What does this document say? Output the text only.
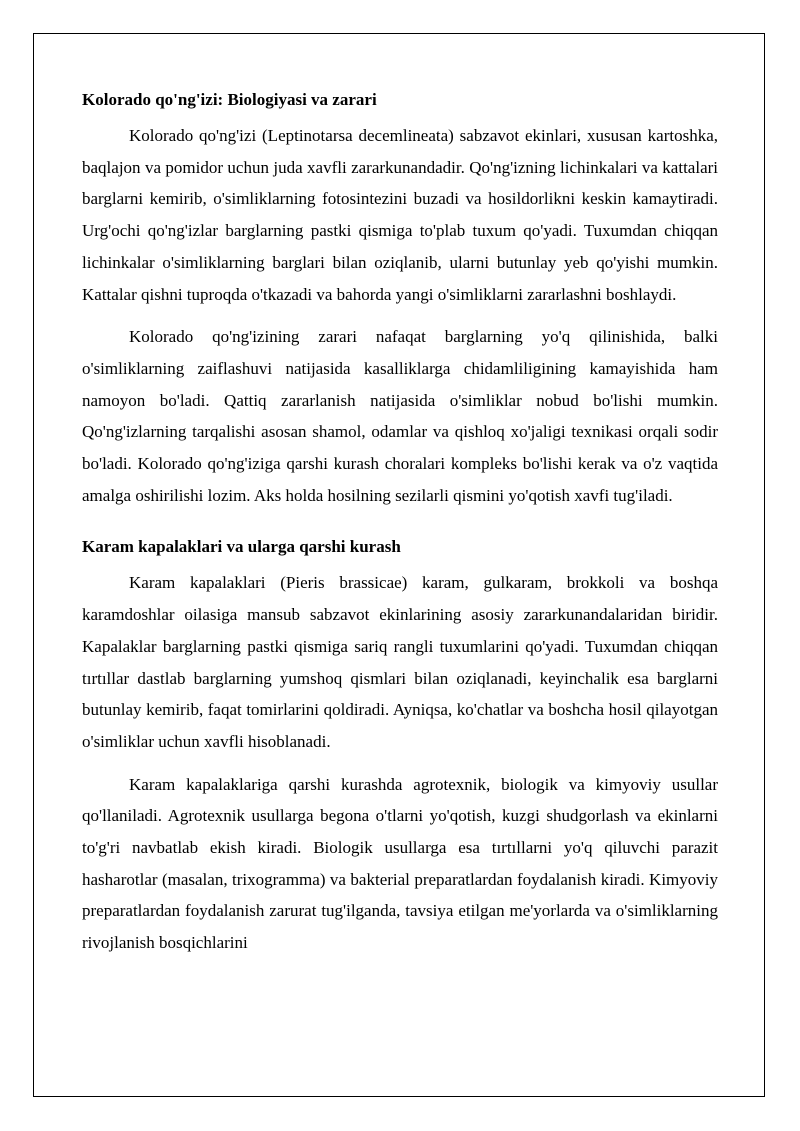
Kolorado qo'ng'izi: Biologiyasi va zarari

Kolorado qo'ng'izi (Leptinotarsa decemlineata) sabzavot ekinlari, xususan kartoshka, baqlajon va pomidor uchun juda xavfli zararkunandadir. Qo'ng'izning lichinkalari va kattalari barglarni kemirib, o'simliklarning fotosintezini buzadi va hosildorlikni keskin kamaytiradi. Urg'ochi qo'ng'izlar barglarning pastki qismiga to'plab tuxum qo'yadi. Tuxumdan chiqqan lichinkalar o'simliklarning barglari bilan oziqlanib, ularni butunlay yeb qo'yishi mumkin. Kattalar qishni tuproqda o'tkazadi va bahorda yangi o'simliklarni zararlashni boshlaydi.

Kolorado qo'ng'izining zarari nafaqat barglarning yo'q qilinishida, balki o'simliklarning zaiflashuvi natijasida kasalliklarga chidamliligining kamayishida ham namoyon bo'ladi. Qattiq zararlanish natijasida o'simliklar nobud bo'lishi mumkin. Qo'ng'izlarning tarqalishi asosan shamol, odamlar va qishloq xo'jaligi texnikasi orqali sodir bo'ladi. Kolorado qo'ng'iziga qarshi kurash choralari kompleks bo'lishi kerak va o'z vaqtida amalga oshirilishi lozim. Aks holda hosilning sezilarli qismini yo'qotish xavfi tug'iladi.

Karam kapalaklari va ularga qarshi kurash

Karam kapalaklari (Pieris brassicae) karam, gulkaram, brokkoli va boshqa karamdoshlar oilasiga mansub sabzavot ekinlarining asosiy zararkunandalaridan biridir. Kapalaklar barglarning pastki qismiga sariq rangli tuxumlarini qo'yadi. Tuxumdan chiqqan tırtıllar dastlab barglarning yumshoq qismlari bilan oziqlanadi, keyinchalik esa barglarni butunlay kemirib, faqat tomirlarini qoldiradi. Ayniqsa, ko'chatlar va boshcha hosil qilayotgan o'simliklar uchun xavfli hisoblanadi.

Karam kapalaklariga qarshi kurashda agrotexnik, biologik va kimyoviy usullar qo'llaniladi. Agrotexnik usullarga begona o'tlarni yo'qotish, kuzgi shudgorlash va ekinlarni to'g'ri navbatlab ekish kiradi. Biologik usullarga esa tırtıllarni yo'q qiluvchi parazit hasharotlar (masalan, trixogramma) va bakterial preparatlardan foydalanish kiradi. Kimyoviy preparatlardan foydalanish zarurat tug'ilganda, tavsiya etilgan me'yorlarda va o'simliklarning rivojlanish bosqichlarini
